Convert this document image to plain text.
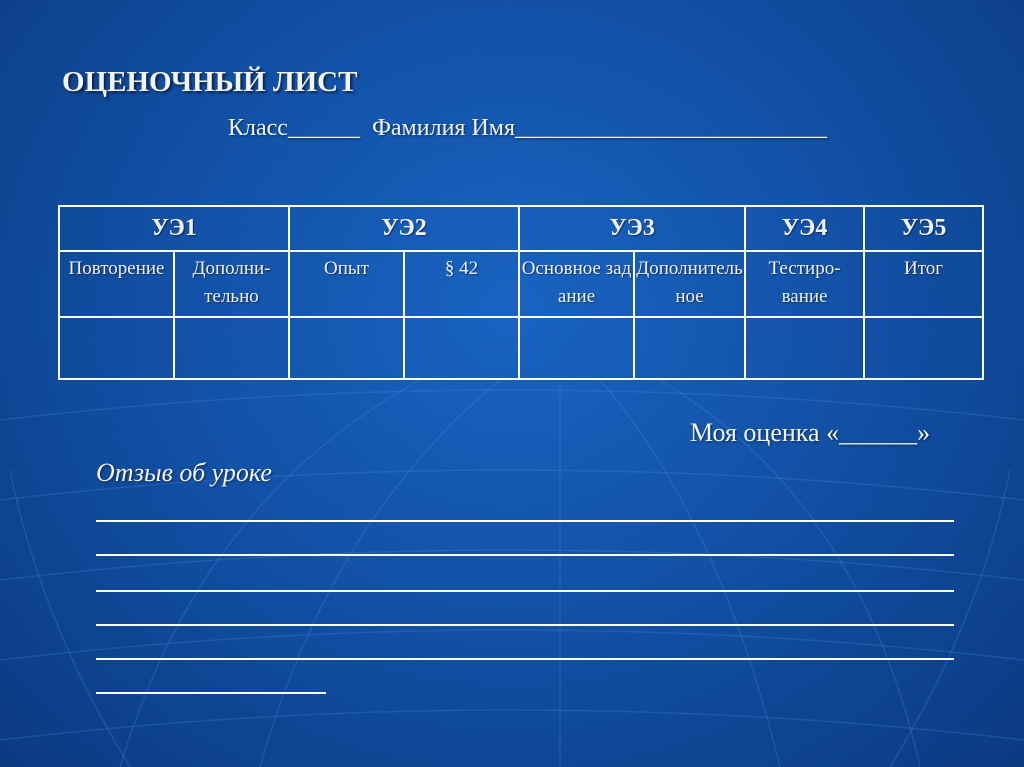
ОЦЕНОЧНЫЙ ЛИСТ
Класс______  Фамилия Имя__________________________
УЭ1		УЭ2		УЭ3		УЭ4	УЭ5
Повторение	Дополни-тельно	Опыт	§ 42	Основное задание	Дополнительное	Тестиро-вание	Итог

Моя оценка «______»
Отзыв об уроке
